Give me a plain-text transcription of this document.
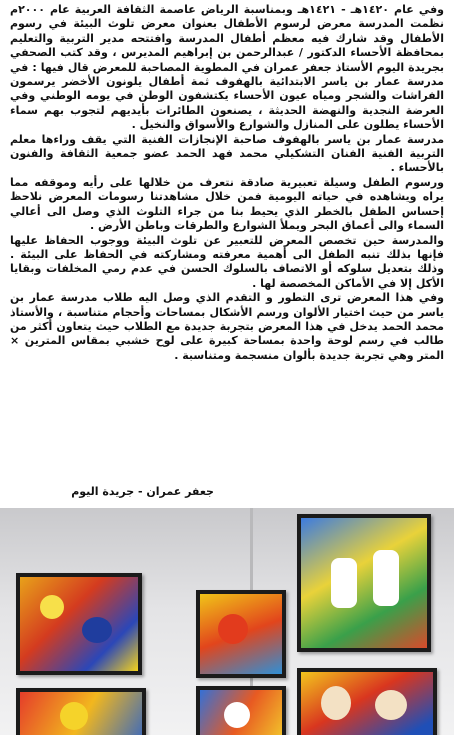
وفي عام ١٤٢٠هـ - ١٤٢١هـ وبمناسبة الرياض عاصمة الثقافة العربية عام ٢٠٠٠م نظمت المدرسة معرض لرسوم الأطفال بعنوان معرض تلوث البيئة في رسوم الأطفال وقد شارك فيه معظم أطفال المدرسة وافتتحه مدير التربية والتعليم بمحافظة الأحساء الدكتور / عبدالرحمن بن إبراهيم المديرس ، وقد كتب الصحفي بجريدة اليوم الأستاذ جعفر عمران في المطوية المصاحبة للمعرض قال فيها : في مدرسة عمار بن ياسر الابتدائية بالهفوف ثمة أطفال يلونون الأخضر يرسمون الفراشات والشجر ومياه عيون الأحساء يكتشفون الوطن في يومه الوطني وفي العرضة النجدية والنهضة الحديثة ، يصنعون الطائرات بأيديهم لتجوب بهم سماء الأحساء يطلون على المنازل والشوارع والأسواق والنخيل .

مدرسة عمار بن ياسر بالهفوف صاحبة الإنجازات الفنية التي يقف وراءها معلم التربية الفنية الفنان التشكيلي محمد فهد الحمد عضو جمعية الثقافة والفنون بالأحساء .

ورسوم الطفل وسيلة تعبيرية صادقة نتعرف من خلالها على رأيه وموقفه مما يراه ويشاهده في حياته اليومية فمن خلال مشاهدتنا رسومات المعرض نلاحظ إحساس الطفل بالخطر الذي يحيط بنا من جراء التلوث الذي وصل الى أعالي السماء والى أعماق البحر ويملأ الشوارع والطرقات وباطن الأرض .

والمدرسة حين تخصص المعرض للتعبير عن تلوث البيئة ووجوب الحفاظ عليها فإنها بذلك تنبه الطفل الى أهمية معرفته ومشاركته في الحفاظ على البيئة . وذلك بتعديل سلوكه أو الاتصاف بالسلوك الحسن في عدم رمي المخلفات وبقايا الأكل إلا في الأماكن المخصصة لها .

وفي هذا المعرض ترى التطور و التقدم الذي وصل اليه طلاب مدرسة عمار بن ياسر من حيث اختيار الألوان ورسم الأشكال بمساحات وأحجام متناسبة ، والأستاذ محمد الحمد يدخل في هذا المعرض بتجربة جديدة مع الطلاب حيث يتعاون أكثر من طالب في رسم لوحة واحدة بمساحة كبيرة على لوح خشبي بمقاس المترين × المتر وهي تجربة جديدة بألوان منسجمة ومتناسبة .

جعفر عمران - جريدة اليوم
